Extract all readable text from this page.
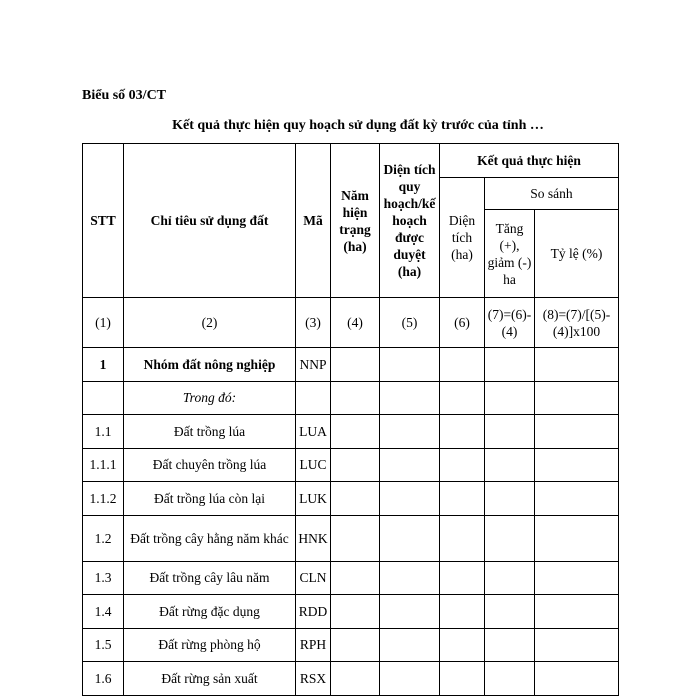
Biểu số 03/CT
Kết quả thực hiện quy hoạch sử dụng đất kỳ trước của tỉnh …
STT	Chỉ tiêu sử dụng đất	Mã	Năm hiện trạng (ha)	Diện tích quy hoạch/kế hoạch được duyệt (ha)	Kết quả thực hiện		
					Diện tích (ha)	So sánh	
						Tăng (+), giảm (-) ha	Tỷ lệ (%)
(1)	(2)	(3)	(4)	(5)	(6)	(7)=(6)-(4)	(8)=(7)/[(5)-(4)]x100
1	Nhóm đất nông nghiệp	NNP					
	Trong đó:						
1.1	Đất trồng lúa	LUA					
1.1.1	Đất chuyên trồng lúa	LUC					
1.1.2	Đất trồng lúa còn lại	LUK					
1.2	Đất trồng cây hằng năm khác	HNK					
1.3	Đất trồng cây lâu năm	CLN					
1.4	Đất rừng đặc dụng	RDD					
1.5	Đất rừng phòng hộ	RPH					
1.6	Đất rừng sản xuất	RSX					
